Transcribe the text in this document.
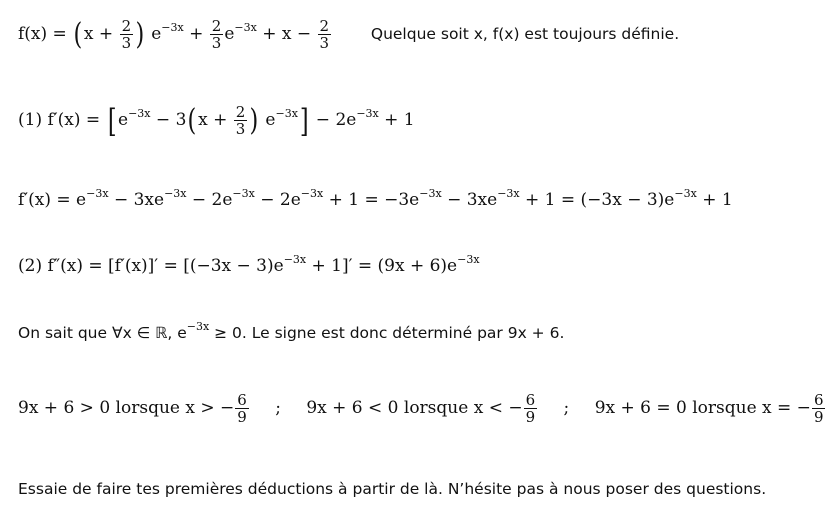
$f(x) = (x + \frac{2}{3}$ ) $e^{-3x} + \frac{2}{3} e^{-3x} + x - \frac{2}{3}$	Quelque soit x, f(x) est toujours définie.
(1) f′(x) = [ $e^{-3x} - 3(x + \frac{2}{3}$ ) $e^{-3x}] - 2e^{-3x} + 1$
$f'(x) = e^{-3x} - 3xe^{-3x} - 2e^{-3x} - 2e^{-3x} + 1 = -3e^{-3x} - 3xe^{-3x} + 1 = (-3x - 3)e^{-3x} + 1$
(2) $f''(x) = [f'(x)]' = [(-3x - 3)e^{-3x} + 1]' = (9x + 6)e^{-3x}$
On sait que ∀x ∈ ℝ, $e^{-3x} \ge 0$. Le signe est donc déterminé par 9x + 6.
9x + 6 > 0 lorsque x > − $\frac{6}{9}$ ; 9x + 6 < 0 lorsque x < − $\frac{6}{9}$ ; 9x + 6 = 0 lorsque x = − $\frac{6}{9}$
Essaie de faire tes premières déductions à partir de là. N’hésite pas à nous poser des questions.
